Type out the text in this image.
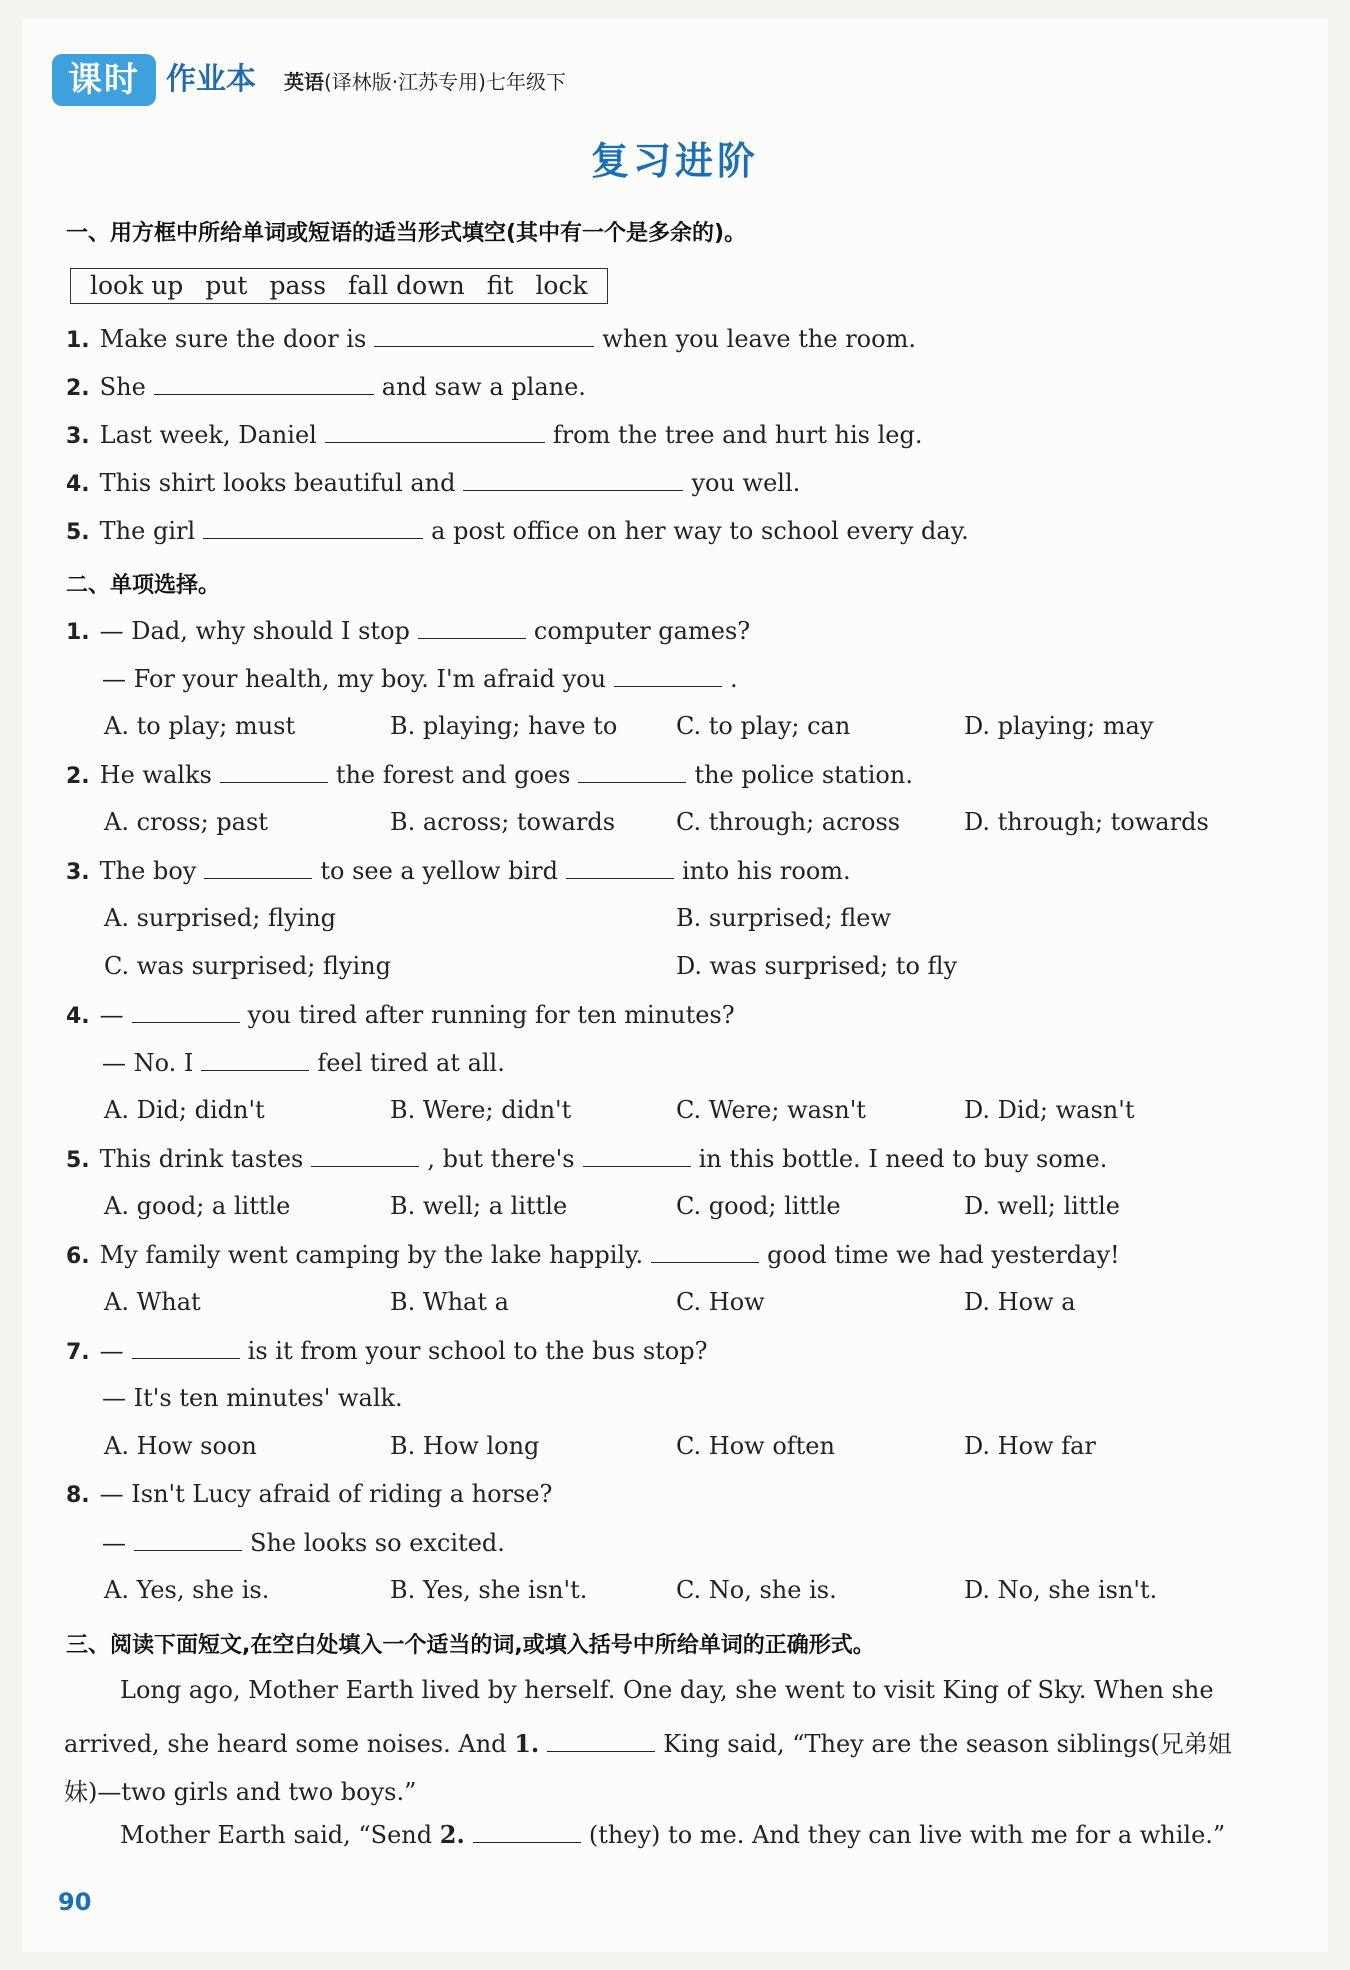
课时 作业本 英语(译林版·江苏专用)七年级下
复习进阶
一、用方框中所给单词或短语的适当形式填空(其中有一个是多余的)。
look up put pass fall down fit lock
1. Make sure the door is	when you leave the room.
2. She	and saw a plane.
3. Last week, Daniel	from the tree and hurt his leg.
4. This shirt looks beautiful and	you well.
5. The girl	a post office on her way to school every day.
二、单项选择。
1. — Dad, why should I stop	computer games?
— For your health, my boy. I'm afraid you	.
A. to play; must	B. playing; have to C. to play; can	D. playing; may
2. He walks	the forest and goes	the police station.
A. cross; past	B. across; towards	C. through; across	D. through; towards
3. The boy	to see a yellow bird	into his room.
A. surprised; flying	B. surprised; flew
C. was surprised; flying	D. was surprised; to fly
4. —	you tired after running for ten minutes?
— No. I	feel tired at all.
A. Did; didn't	B. Were; didn't	C. Were; wasn't	D. Did; wasn't
5. This drink tastes	, but there's	in this bottle. I need to buy some.
A. good; a little	B. well; a little	C. good; little	D. well; little
6. My family went camping by the lake happily.	good time we had yesterday!
A. What	B. What a	C. How	D. How a
7. —	is it from your school to the bus stop?
— It's ten minutes' walk.
A. How soon	B. How long	C. How often	D. How far
8. — Isn't Lucy afraid of riding a horse?
—	She looks so excited.
A. Yes, she is.	B. Yes, she isn't.	C. No, she is.	D. No, she isn't.
三、阅读下面短文,在空白处填入一个适当的词,或填入括号中所给单词的正确形式。
Long ago, Mother Earth lived by herself. One day, she went to visit King of Sky. When she
arrived, she heard some noises. And 1.	King said, “They are the season siblings(兄弟姐
妹)—two girls and two boys.”
Mother Earth said, “Send 2.	(they) to me. And they can live with me for a while.”
90
